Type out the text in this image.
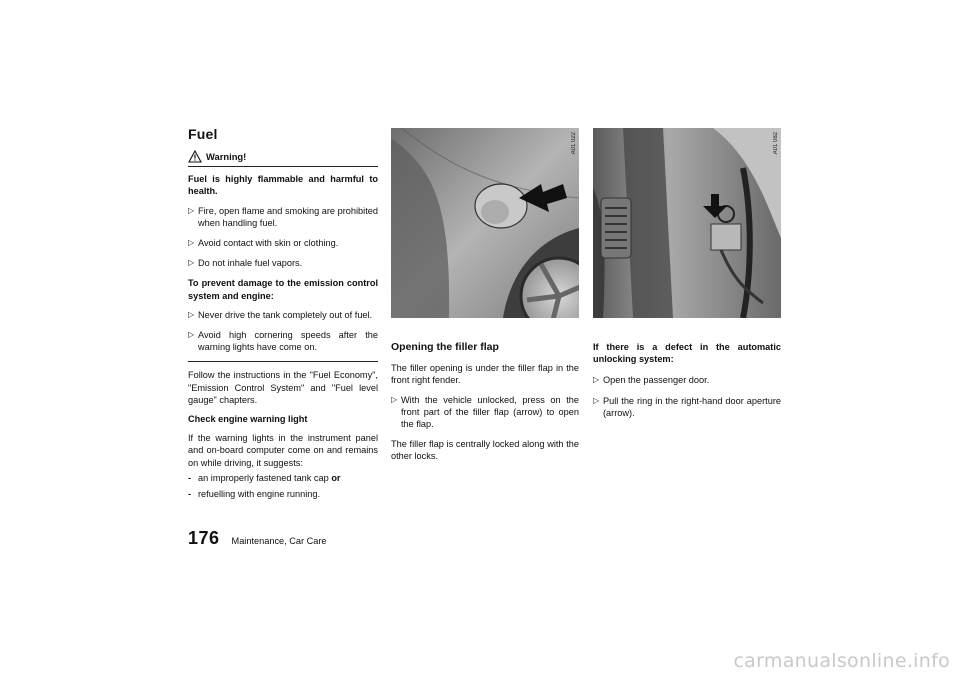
Fuel
Warning!

Fuel is highly flammable and harmful to health.

▷ Fire, open flame and smoking are prohibited when handling fuel.
▷ Avoid contact with skin or clothing.
▷ Do not inhale fuel vapors.

To prevent damage to the emission control system and engine:

▷ Never drive the tank completely out of fuel.
▷ Avoid high cornering speeds after the warning lights have come on.

Follow the instructions in the "Fuel Economy", "Emission Control System" and "Fuel level gauge" chapters.

Check engine warning light

If the warning lights in the instrument panel and on-board computer come on and remains on while driving, it suggests:

- an improperly fastened tank cap or
- refuelling with engine running.
A01 022
Opening the filler flap

The filler opening is under the filler flap in the front right fender.

▷ With the vehicle unlocked, press on the front part of the filler flap (arrow) to open the flap.

The filler flap is centrally locked along with the other locks.

A01 082

If there is a defect in the automatic unlocking system:

▷ Open the passenger door.
▷ Pull the ring in the right-hand door aperture (arrow).
176 Maintenance, Car Care
carmanualsonline.info
